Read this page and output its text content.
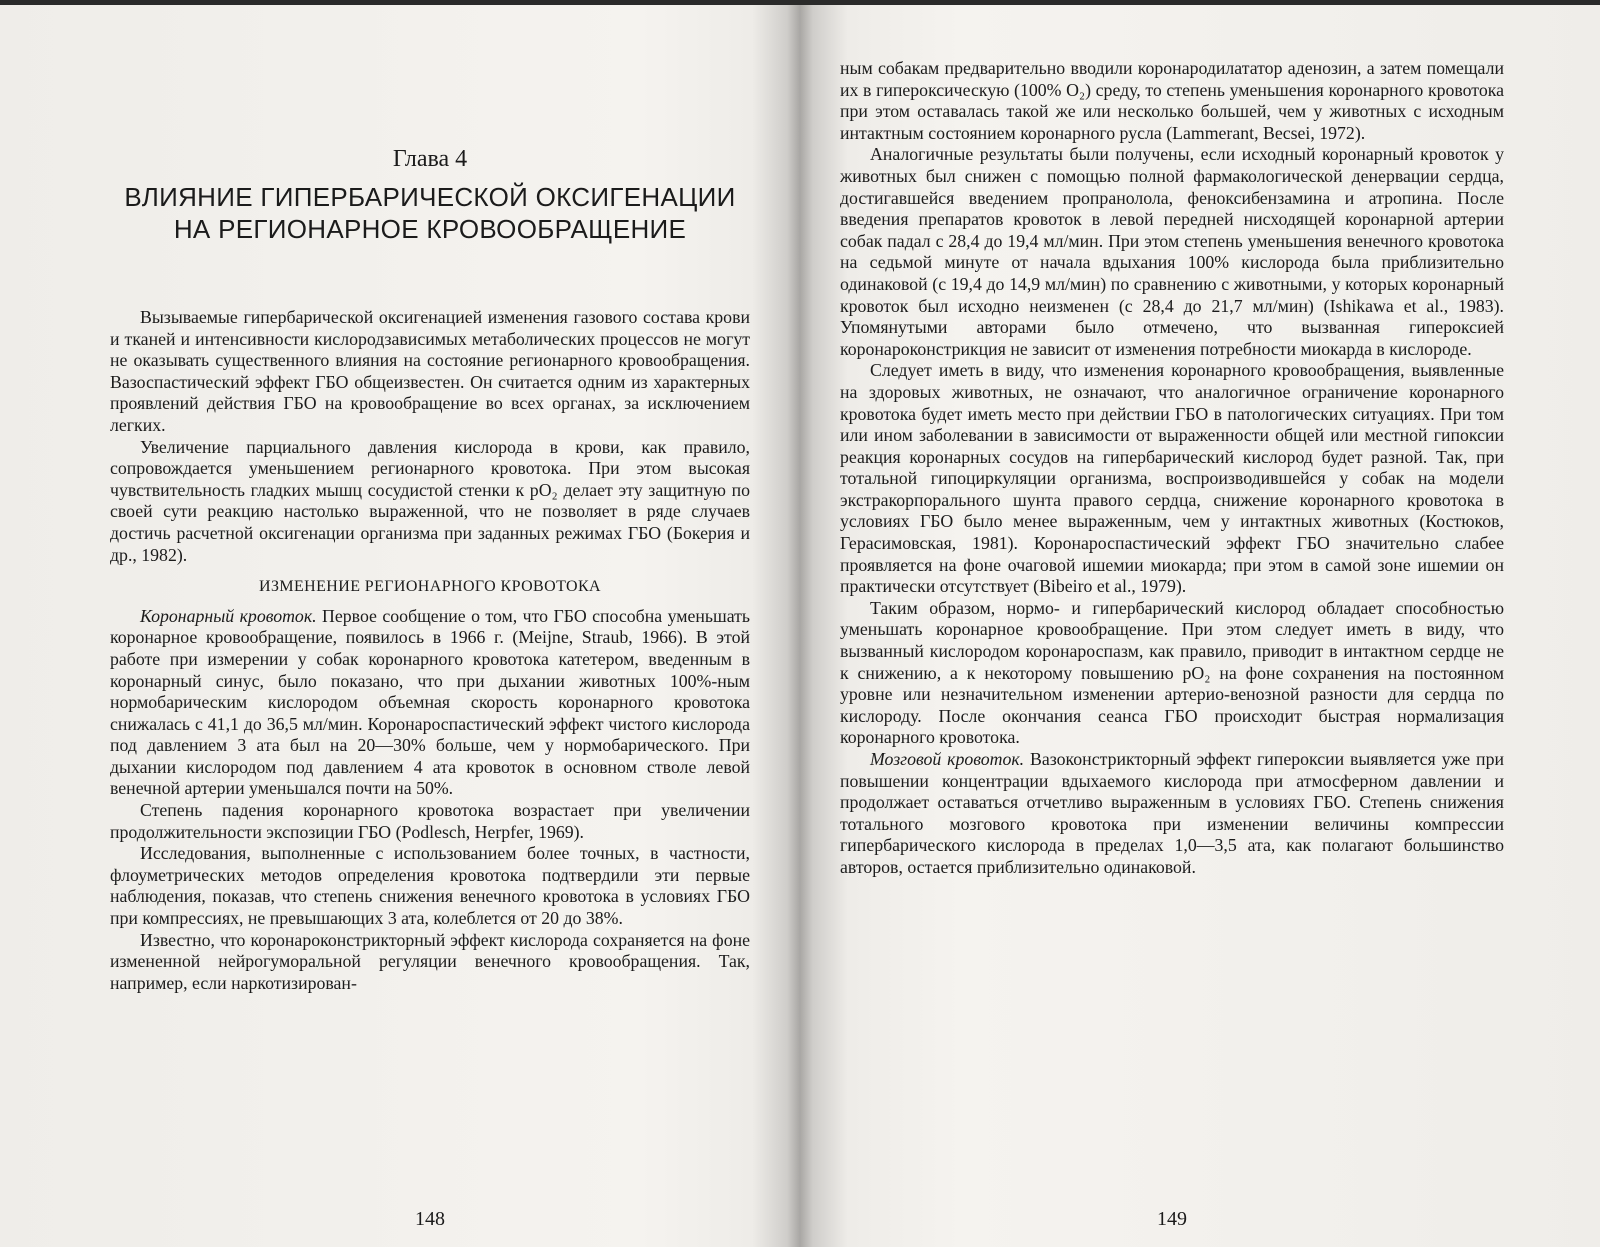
Глава 4
ВЛИЯНИЕ ГИПЕРБАРИЧЕСКОЙ ОКСИГЕНАЦИИ
НА РЕГИОНАРНОЕ КРОВООБРАЩЕНИЕ

Вызываемые гипербарической оксигенацией изменения газового состава крови и тканей и интенсивности кислородзависимых метаболических процессов не могут не оказывать существенного влияния на состояние регионарного кровообращения. Вазоспастический эффект ГБО общеизвестен. Он считается одним из характерных проявлений действия ГБО на кровообращение во всех органах, за исключением легких.

Увеличение парциального давления кислорода в крови, как правило, сопровождается уменьшением регионарного кровотока. При этом высокая чувствительность гладких мышц сосудистой стенки к pO₂ делает эту защитную по своей сути реакцию настолько выраженной, что не позволяет в ряде случаев достичь расчетной оксигенации организма при заданных режимах ГБО (Бокерия и др., 1982).

ИЗМЕНЕНИЕ РЕГИОНАРНОГО КРОВОТОКА

Коронарный кровоток. Первое сообщение о том, что ГБО способна уменьшать коронарное кровообращение, появилось в 1966 г. (Meijne, Straub, 1966). В этой работе при измерении у собак коронарного кровотока катетером, введенным в коронарный синус, было показано, что при дыхании животных 100%-ным нормобарическим кислородом объемная скорость коронарного кровотока снижалась с 41,1 до 36,5 мл/мин. Коронароспастический эффект чистого кислорода под давлением 3 ата был на 20—30% больше, чем у нормобарического. При дыхании кислородом под давлением 4 ата кровоток в основном стволе левой венечной артерии уменьшался почти на 50%.

Степень падения коронарного кровотока возрастает при увеличении продолжительности экспозиции ГБО (Podlesch, Herpfer, 1969).

Исследования, выполненные с использованием более точных, в частности, флоуметрических методов определения кровотока подтвердили эти первые наблюдения, показав, что степень снижения венечного кровотока в условиях ГБО при компрессиях, не превышающих 3 ата, колеблется от 20 до 38%.

Известно, что коронароконстрикторный эффект кислорода сохраняется на фоне измененной нейрогуморальной регуляции венечного кровообращения. Так, например, если наркотизирован-

148

ным собакам предварительно вводили коронародилататор аденозин, а затем помещали их в гипероксическую (100% O₂) среду, то степень уменьшения коронарного кровотока при этом оставалась такой же или несколько большей, чем у животных с исходным интактным состоянием коронарного русла (Lammerant, Becsei, 1972).

Аналогичные результаты были получены, если исходный коронарный кровоток у животных был снижен с помощью полной фармакологической денервации сердца, достигавшейся введением пропранолола, феноксибензамина и атропина. После введения препаратов кровоток в левой передней нисходящей коронарной артерии собак падал с 28,4 до 19,4 мл/мин. При этом степень уменьшения венечного кровотока на седьмой минуте от начала вдыхания 100% кислорода была приблизительно одинаковой (с 19,4 до 14,9 мл/мин) по сравнению с животными, у которых коронарный кровоток был исходно неизменен (с 28,4 до 21,7 мл/мин) (Ishikawa et al., 1983). Упомянутыми авторами было отмечено, что вызванная гипероксией коронароконстрикция не зависит от изменения потребности миокарда в кислороде.

Следует иметь в виду, что изменения коронарного кровообращения, выявленные на здоровых животных, не означают, что аналогичное ограничение коронарного кровотока будет иметь место при действии ГБО в патологических ситуациях. При том или ином заболевании в зависимости от выраженности общей или местной гипоксии реакция коронарных сосудов на гипербарический кислород будет разной. Так, при тотальной гипоциркуляции организма, воспроизводившейся у собак на модели экстракорпорального шунта правого сердца, снижение коронарного кровотока в условиях ГБО было менее выраженным, чем у интактных животных (Костюков, Герасимовская, 1981). Коронароспастический эффект ГБО значительно слабее проявляется на фоне очаговой ишемии миокарда; при этом в самой зоне ишемии он практически отсутствует (Bibeiro et al., 1979).

Таким образом, нормо- и гипербарический кислород обладает способностью уменьшать коронарное кровообращение. При этом следует иметь в виду, что вызванный кислородом коронароспазм, как правило, приводит в интактном сердце не к снижению, а к некоторому повышению pO₂ на фоне сохранения на постоянном уровне или незначительном изменении артерио-венозной разности для сердца по кислороду. После окончания сеанса ГБО происходит быстрая нормализация коронарного кровотока.

Мозговой кровоток. Вазоконстрикторный эффект гипероксии выявляется уже при повышении концентрации вдыхаемого кислорода при атмосферном давлении и продолжает оставаться отчетливо выраженным в условиях ГБО. Степень снижения тотального мозгового кровотока при изменении величины компрессии гипербарического кислорода в пределах 1,0—3,5 ата, как полагают большинство авторов, остается приблизительно одинаковой.

149
